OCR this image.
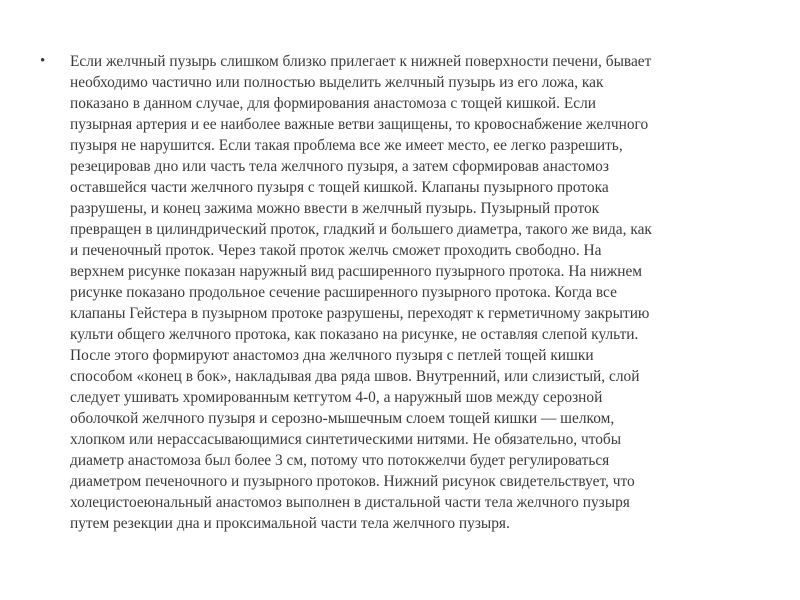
• Если желчный пузырь слишком близко прилегает к нижней поверхности печени, бывает
необходимо частично или полностью выделить желчный пузырь из его ложа, как
показано в данном случае, для формирования анастомоза с тощей кишкой. Если
пузырная артерия и ее наиболее важные ветви защищены, то кровоснабжение желчного
пузыря не нарушится. Если такая проблема все же имеет место, ее легко разрешить,
резецировав дно или часть тела желчного пузыря, а затем сформировав анастомоз
оставшейся части желчного пузыря с тощей кишкой. Клапаны пузырного протока
разрушены, и конец зажима можно ввести в желчный пузырь. Пузырный проток
превращен в цилиндрический проток, гладкий и большего диаметра, такого же вида, как
и печеночный проток. Через такой проток желчь сможет проходить свободно. На
верхнем рисунке показан наружный вид расширенного пузырного протока. На нижнем
рисунке показано продольное сечение расширенного пузырного протока. Когда все
клапаны Гейстера в пузырном протоке разрушены, переходят к герметичному закрытию
культи общего желчного протока, как показано на рисунке, не оставляя слепой культи.
После этого формируют анастомоз дна желчного пузыря с петлей тощей кишки
способом «конец в бок», накладывая два ряда швов. Внутренний, или слизистый, слой
следует ушивать хромированным кетгутом 4-0, а наружный шов между серозной
оболочкой желчного пузыря и серозно-мышечным слоем тощей кишки — шелком,
хлопком или нерассасывающимися синтетическими нитями. Не обязательно, чтобы
диаметр анастомоза был более 3 см, потому что потокжелчи будет регулироваться
диаметром печеночного и пузырного протоков. Нижний рисунок свидетельствует, что
холецистоеюнальный анастомоз выполнен в дистальной части тела желчного пузыря
путем резекции дна и проксимальной части тела желчного пузыря.
